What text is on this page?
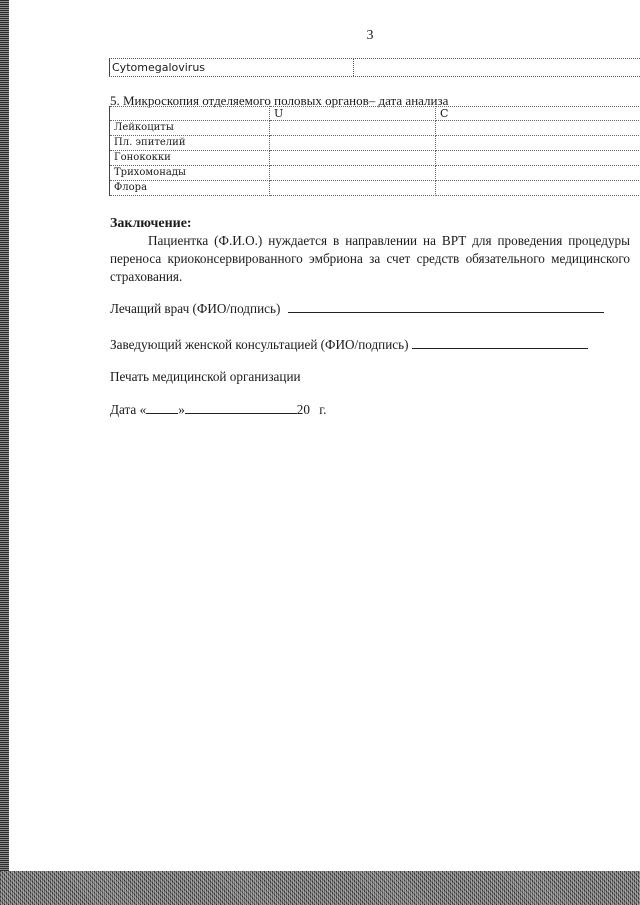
3
Cytomegalovirus
5. Микроскопия отделяемого половых органов– дата анализа
	U	C
Лейкоциты		
Пл. эпителий		
Гонококки		
Трихомонады		
Флора		
Заключение:
Пациентка (Ф.И.О.) нуждается в направлении на ВРТ для проведения процедуры переноса криоконсервированного эмбриона за счет средств обязательного медицинского страхования.
Лечащий врач (ФИО/подпись)
Заведующий женской консультацией (ФИО/подпись)
Печать медицинской организации
Дата « »	20 г.
